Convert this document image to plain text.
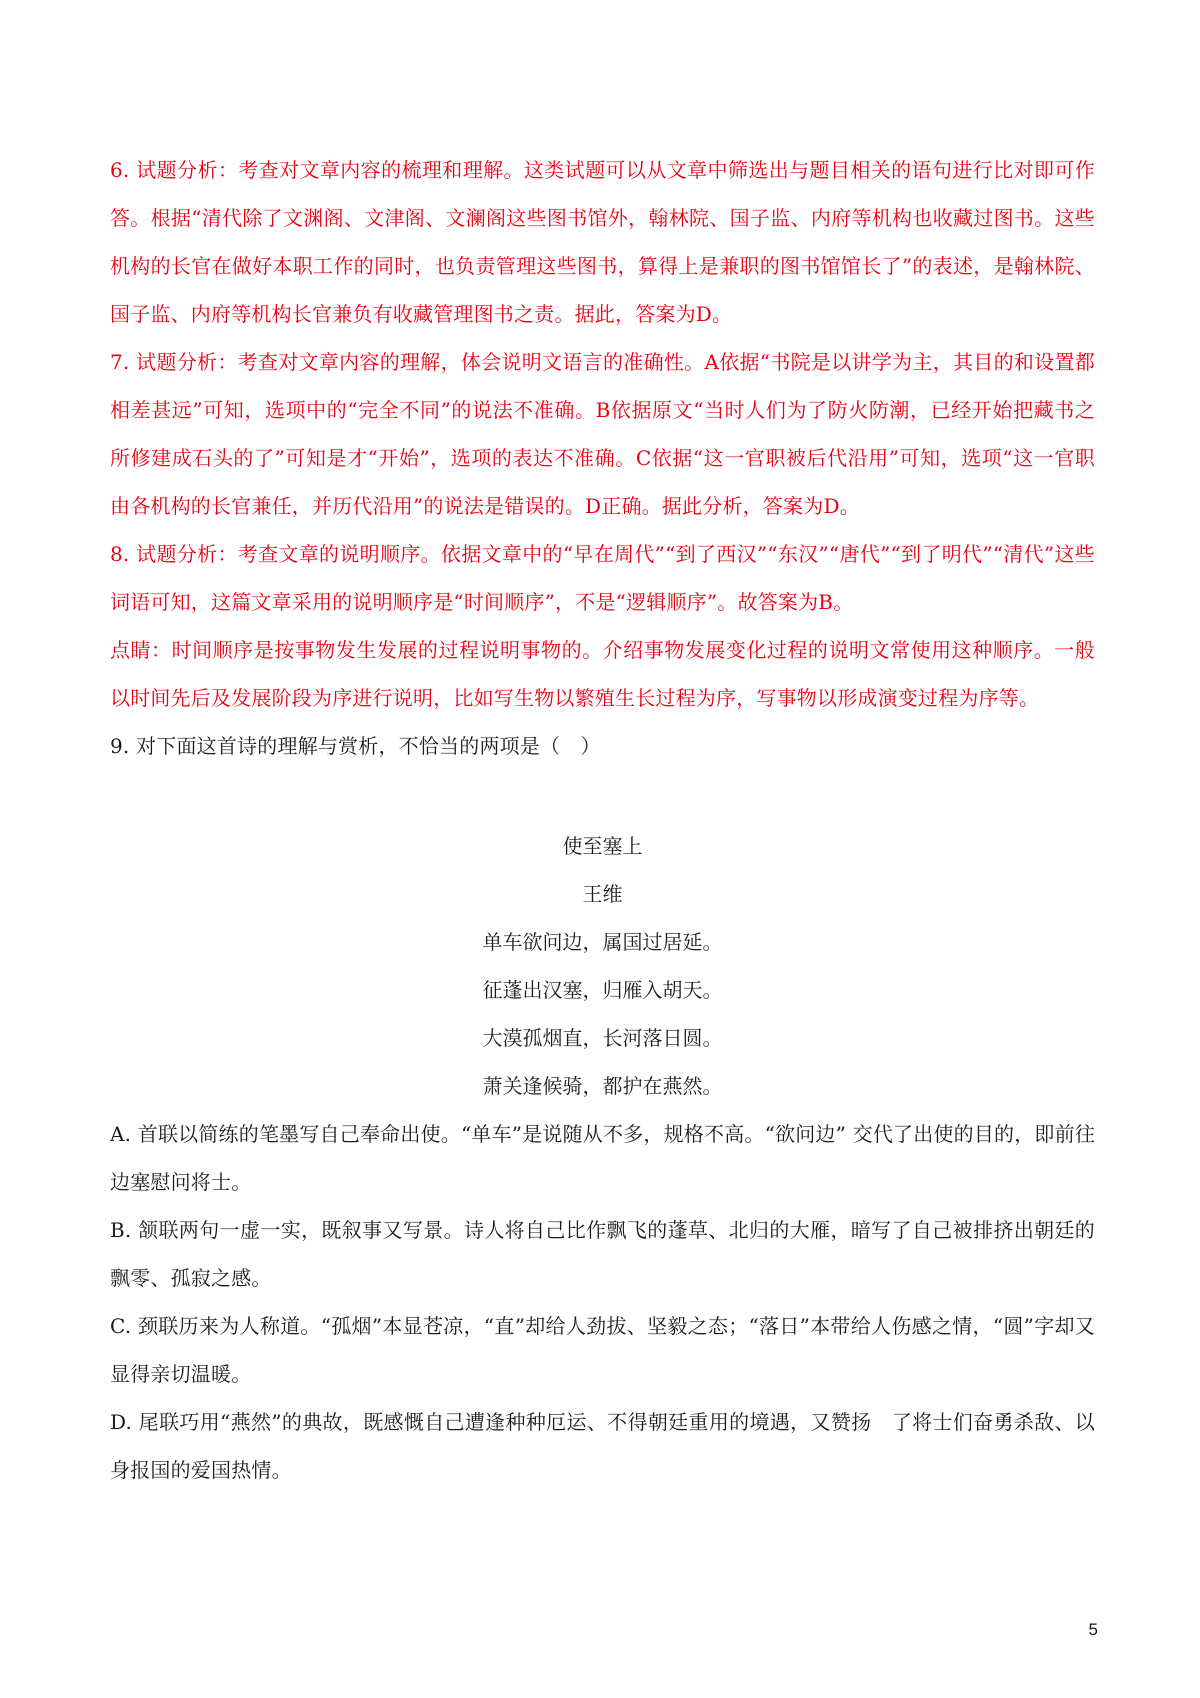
6. 试题分析：考查对文章内容的梳理和理解。这类试题可以从文章中筛选出与题目相关的语句进行比对即可作答。根据“清代除了文渊阁、文津阁、文澜阁这些图书馆外，翰林院、国子监、内府等机构也收藏过图书。这些机构的长官在做好本职工作的同时，也负责管理这些图书，算得上是兼职的图书馆馆长了”的表述，是翰林院、国子监、内府等机构长官兼负有收藏管理图书之责。据此，答案为D。

7. 试题分析：考查对文章内容的理解，体会说明文语言的准确性。A依据“书院是以讲学为主，其目的和设置都相差甚远”可知，选项中的“完全不同”的说法不准确。B依据原文“当时人们为了防火防潮，已经开始把藏书之所修建成石头的了”可知是才“开始”，选项的表达不准确。C依据“这一官职被后代沿用”可知，选项“这一官职由各机构的长官兼任，并历代沿用”的说法是错误的。D正确。据此分析，答案为D。

8. 试题分析：考查文章的说明顺序。依据文章中的“早在周代”“到了西汉”“东汉”“唐代”“到了明代”“清代”这些词语可知，这篇文章采用的说明顺序是“时间顺序”，不是“逻辑顺序”。故答案为B。

点睛：时间顺序是按事物发生发展的过程说明事物的。介绍事物发展变化过程的说明文常使用这种顺序。一般以时间先后及发展阶段为序进行说明，比如写生物以繁殖生长过程为序，写事物以形成演变过程为序等。

9. 对下面这首诗的理解与赏析，不恰当的两项是（　）

使至塞上

王维

单车欲问边，属国过居延。

征蓬出汉塞，归雁入胡天。

大漠孤烟直，长河落日圆。

萧关逢候骑，都护在燕然。

A. 首联以简练的笔墨写自己奉命出使。“单车”是说随从不多，规格不高。“欲问边” 交代了出使的目的，即前往边塞慰问将士。

B. 颔联两句一虚一实，既叙事又写景。诗人将自己比作飘飞的蓬草、北归的大雁，暗写了自己被排挤出朝廷的飘零、孤寂之感。

C. 颈联历来为人称道。“孤烟”本显苍凉，“直”却给人劲拔、坚毅之态；“落日”本带给人伤感之情，“圆”字却又显得亲切温暖。

D. 尾联巧用“燕然”的典故，既感慨自己遭逢种种厄运、不得朝廷重用的境遇，又赞扬　了将士们奋勇杀敌、以身报国的爱国热情。

5
